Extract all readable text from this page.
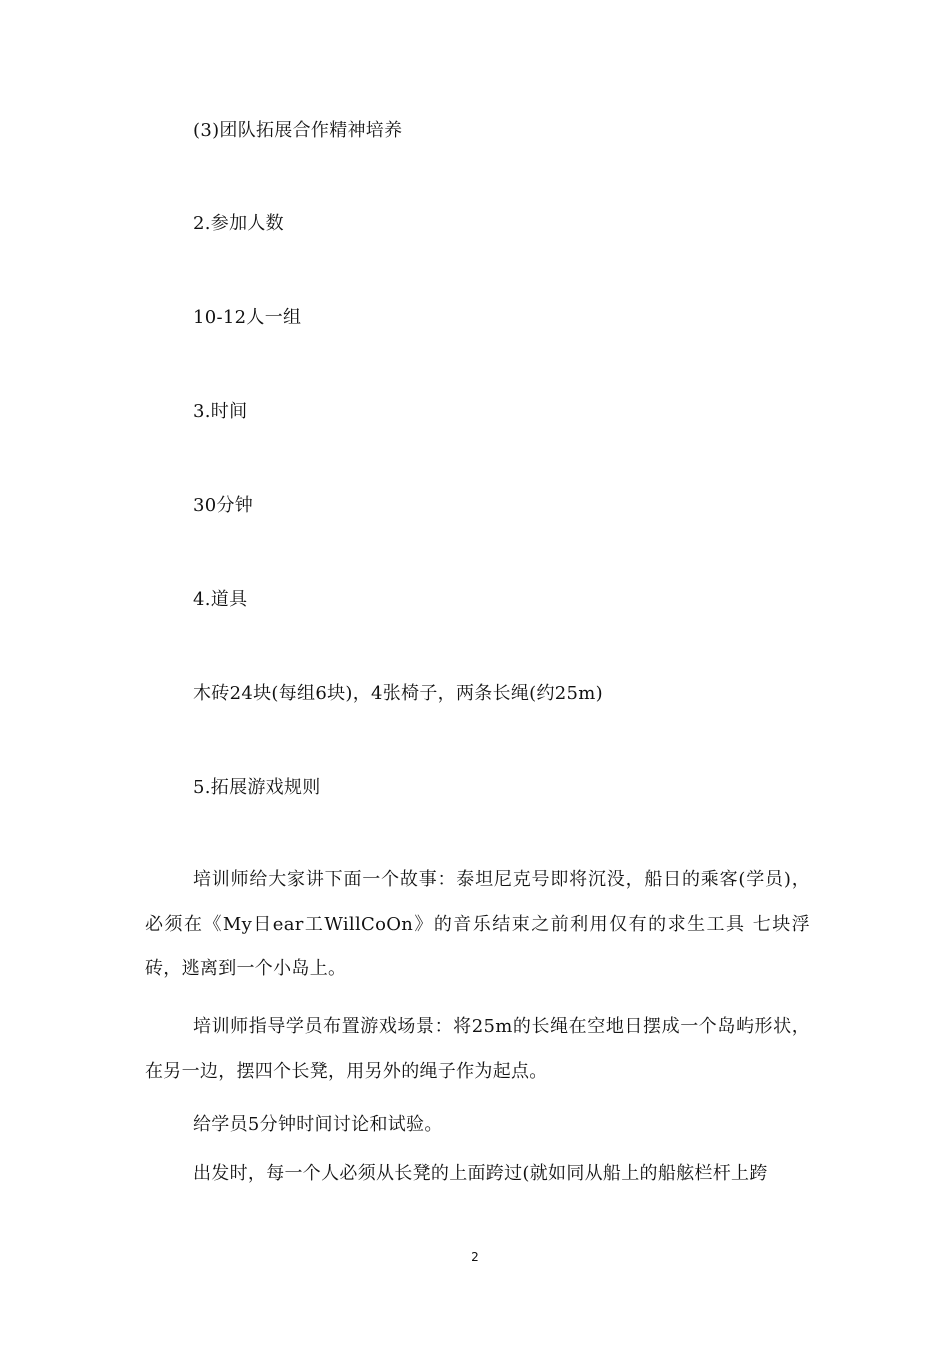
(3)团队拓展合作精神培养
2.参加人数
10-12人一组
3.时间
30分钟
4.道具
木砖24块(每组6块)，4张椅子，两条长绳(约25m)
5.拓展游戏规则

培训师给大家讲下面一个故事：泰坦尼克号即将沉没，船日的乘客(学员)，必须在《My日ear工WillCoOn》的音乐结束之前利用仅有的求生工具 七块浮砖，逃离到一个小岛上。

培训师指导学员布置游戏场景：将25m的长绳在空地日摆成一个岛屿形状，在另一边，摆四个长凳，用另外的绳子作为起点。

给学员5分钟时间讨论和试验。

出发时，每一个人必须从长凳的上面跨过(就如同从船上的船舷栏杆上跨

2
